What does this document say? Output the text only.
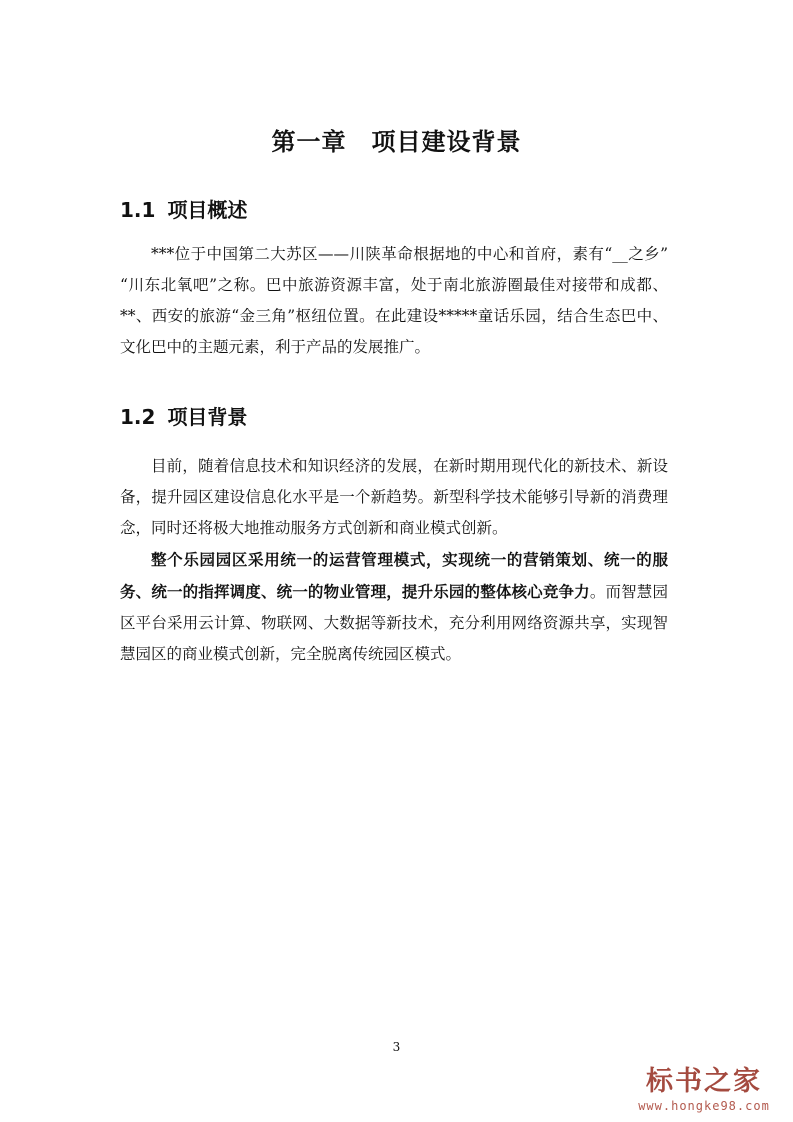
第一章　项目建设背景
1.1 项目概述

***位于中国第二大苏区——川陕革命根据地的中心和首府，素有“__之乡” “川东北氧吧”之称。巴中旅游资源丰富，处于南北旅游圈最佳对接带和成都、**、西安的旅游“金三角”枢纽位置。在此建设*****童话乐园，结合生态巴中、文化巴中的主题元素，利于产品的发展推广。

1.2 项目背景

目前，随着信息技术和知识经济的发展，在新时期用现代化的新技术、新设备，提升园区建设信息化水平是一个新趋势。新型科学技术能够引导新的消费理念，同时还将极大地推动服务方式创新和商业模式创新。

整个乐园园区采用统一的运营管理模式，实现统一的营销策划、统一的服务、统一的指挥调度、统一的物业管理，提升乐园的整体核心竞争力。而智慧园区平台采用云计算、物联网、大数据等新技术，充分利用网络资源共享，实现智慧园区的商业模式创新，完全脱离传统园区模式。

3
标书之家
www.hongke98.com
